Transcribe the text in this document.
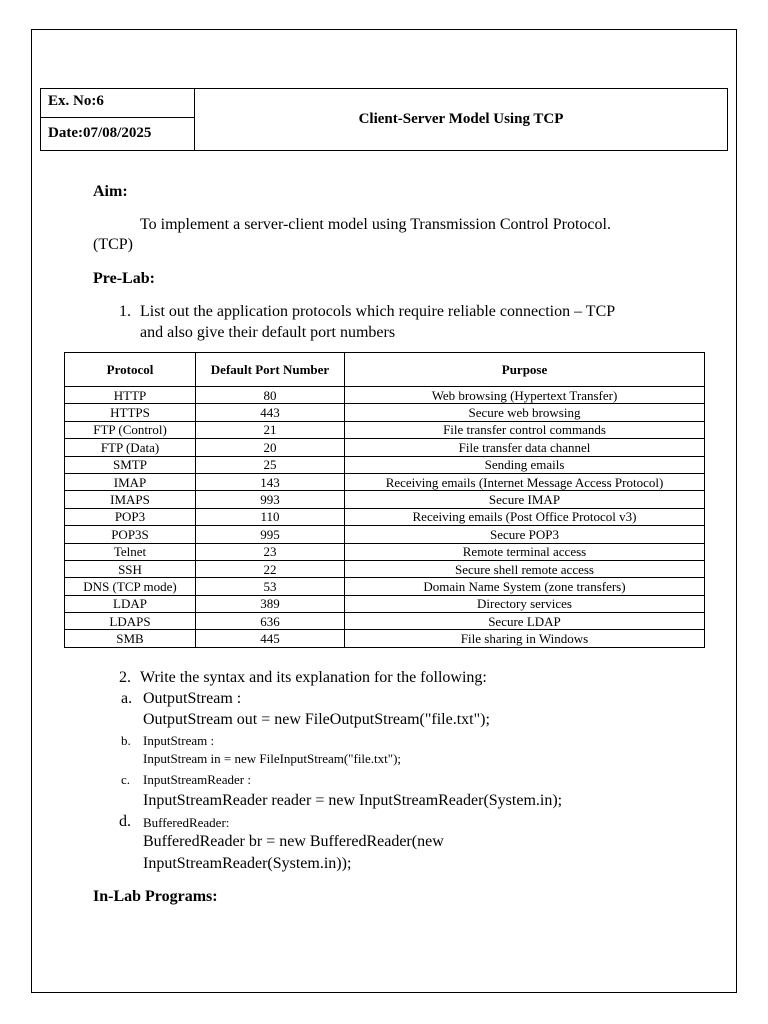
Ex. No:6
Date:07/08/2025
Client-Server Model Using TCP
Aim:
To implement a server-client model using Transmission Control Protocol.
(TCP)
Pre-Lab:
1. List out the application protocols which require reliable connection – TCP
and also give their default port numbers
Protocol	Default Port Number	Purpose
HTTP	80	Web browsing (Hypertext Transfer)
HTTPS	443	Secure web browsing
FTP (Control)	21	File transfer control commands
FTP (Data)	20	File transfer data channel
SMTP	25	Sending emails
IMAP	143	Receiving emails (Internet Message Access Protocol)
IMAPS	993	Secure IMAP
POP3	110	Receiving emails (Post Office Protocol v3)
POP3S	995	Secure POP3
Telnet	23	Remote terminal access
SSH	22	Secure shell remote access
DNS (TCP mode)	53	Domain Name System (zone transfers)
LDAP	389	Directory services
LDAPS	636	Secure LDAP
SMB	445	File sharing in Windows
2. Write the syntax and its explanation for the following:
a. OutputStream :
OutputStream out = new FileOutputStream("file.txt");
b. InputStream :
InputStream in = new FileInputStream("file.txt");
c. InputStreamReader :
InputStreamReader reader = new InputStreamReader(System.in);
d. BufferedReader:
BufferedReader br = new BufferedReader(new
InputStreamReader(System.in));
In-Lab Programs:
